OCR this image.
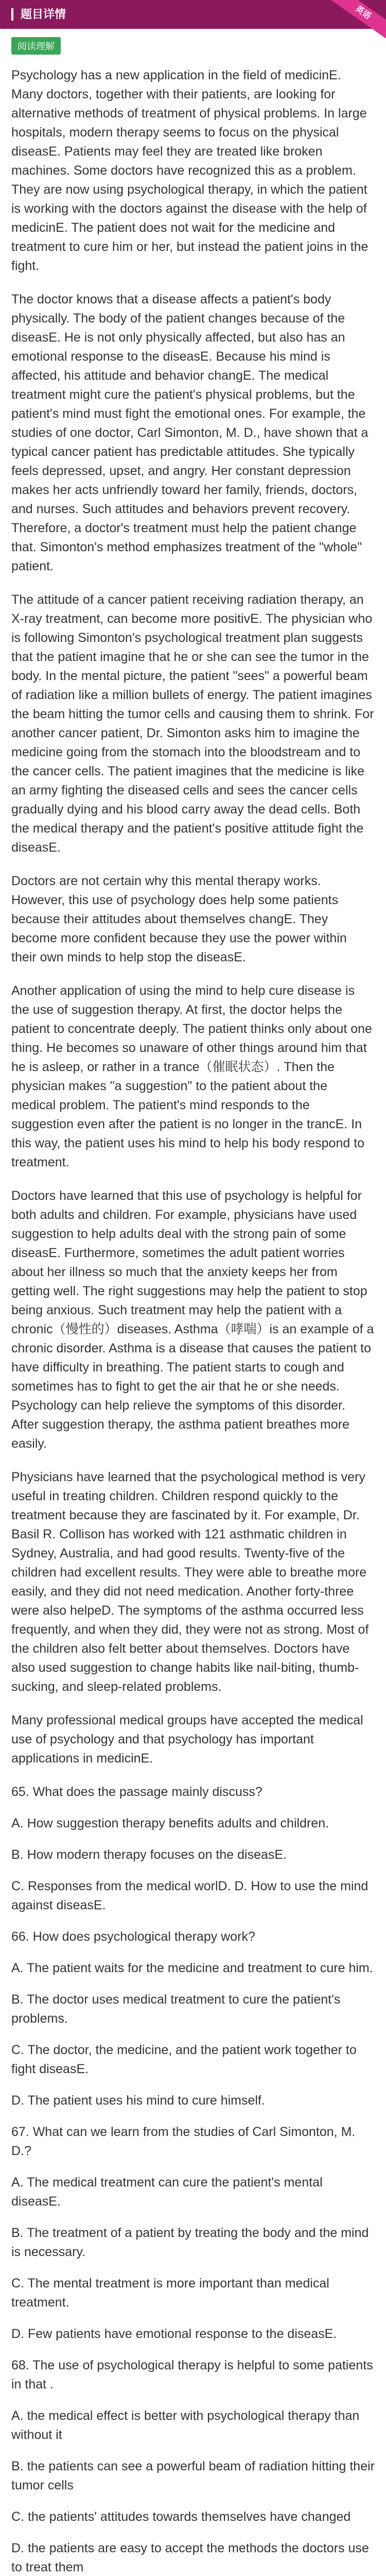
题目详情	英语
阅读理解

Psychology has a new application in the field of medicinE. Many doctors, together with their patients, are looking for alternative methods of treatment of physical problems. In large hospitals, modern therapy seems to focus on the physical diseasE. Patients may feel they are treated like broken machines. Some doctors have recognized this as a problem. They are now using psychological therapy, in which the patient is working with the doctors against the disease with the help of medicinE. The patient does not wait for the medicine and treatment to cure him or her, but instead the patient joins in the fight.

The doctor knows that a disease affects a patient's body physically. The body of the patient changes because of the diseasE. He is not only physically affected, but also has an emotional response to the diseasE. Because his mind is affected, his attitude and behavior changE. The medical treatment might cure the patient's physical problems, but the patient's mind must fight the emotional ones. For example, the studies of one doctor, Carl Simonton, M. D., have shown that a typical cancer patient has predictable attitudes. She typically feels depressed, upset, and angry. Her constant depression makes her acts unfriendly toward her family, friends, doctors, and nurses. Such attitudes and behaviors prevent recovery. Therefore, a doctor's treatment must help the patient change that. Simonton's method emphasizes treatment of the "whole" patient.

The attitude of a cancer patient receiving radiation therapy, an X-ray treatment, can become more positivE. The physician who is following Simonton's psychological treatment plan suggests that the patient imagine that he or she can see the tumor in the body. In the mental picture, the patient "sees" a powerful beam of radiation like a million bullets of energy. The patient imagines the beam hitting the tumor cells and causing them to shrink. For another cancer patient, Dr. Simonton asks him to imagine the medicine going from the stomach into the bloodstream and to the cancer cells. The patient imagines that the medicine is like an army fighting the diseased cells and sees the cancer cells gradually dying and his blood carry away the dead cells. Both the medical therapy and the patient's positive attitude fight the diseasE.

Doctors are not certain why this mental therapy works. However, this use of psychology does help some patients because their attitudes about themselves changE. They become more confident because they use the power within their own minds to help stop the diseasE.

Another application of using the mind to help cure disease is the use of suggestion therapy. At first, the doctor helps the patient to concentrate deeply. The patient thinks only about one thing. He becomes so unaware of other things around him that he is asleep, or rather in a trance（催眠状态）. Then the physician makes "a suggestion" to the patient about the medical problem. The patient's mind responds to the suggestion even after the patient is no longer in the trancE. In this way, the patient uses his mind to help his body respond to treatment.

Doctors have learned that this use of psychology is helpful for both adults and children. For example, physicians have used suggestion to help adults deal with the strong pain of some diseasE. Furthermore, sometimes the adult patient worries about her illness so much that the anxiety keeps her from getting well. The right suggestions may help the patient to stop being anxious. Such treatment may help the patient with a chronic（慢性的）diseases. Asthma（哮喘）is an example of a chronic disorder. Asthma is a disease that causes the patient to have difficulty in breathing. The patient starts to cough and sometimes has to fight to get the air that he or she needs. Psychology can help relieve the symptoms of this disorder. After suggestion therapy, the asthma patient breathes more easily.

Physicians have learned that the psychological method is very useful in treating children. Children respond quickly to the treatment because they are fascinated by it. For example, Dr. Basil R. Collison has worked with 121 asthmatic children in Sydney, Australia, and had good results. Twenty-five of the children had excellent results. They were able to breathe more easily, and they did not need medication. Another forty-three were also helpeD. The symptoms of the asthma occurred less frequently, and when they did, they were not as strong. Most of the children also felt better about themselves. Doctors have also used suggestion to change habits like nail-biting, thumb-sucking, and sleep-related problems.

Many professional medical groups have accepted the medical use of psychology and that psychology has important applications in medicinE.

65. What does the passage mainly discuss?

A. How suggestion therapy benefits adults and children.

B. How modern therapy focuses on the diseasE.

C. Responses from the medical worlD. D. How to use the mind against diseasE.

66. How does psychological therapy work?

A. The patient waits for the medicine and treatment to cure him.

B. The doctor uses medical treatment to cure the patient's problems.

C. The doctor, the medicine, and the patient work together to fight diseasE.

D. The patient uses his mind to cure himself.

67. What can we learn from the studies of Carl Simonton, M. D.?

A. The medical treatment can cure the patient's mental diseasE.

B. The treatment of a patient by treating the body and the mind is necessary.

C. The mental treatment is more important than medical treatment.

D. Few patients have emotional response to the diseasE.

68. The use of psychological therapy is helpful to some patients in that .

A. the medical effect is better with psychological therapy than without it

B. the patients can see a powerful beam of radiation hitting their tumor cells

C. the patients' attitudes towards themselves have changed

D. the patients are easy to accept the methods the doctors use to treat them
